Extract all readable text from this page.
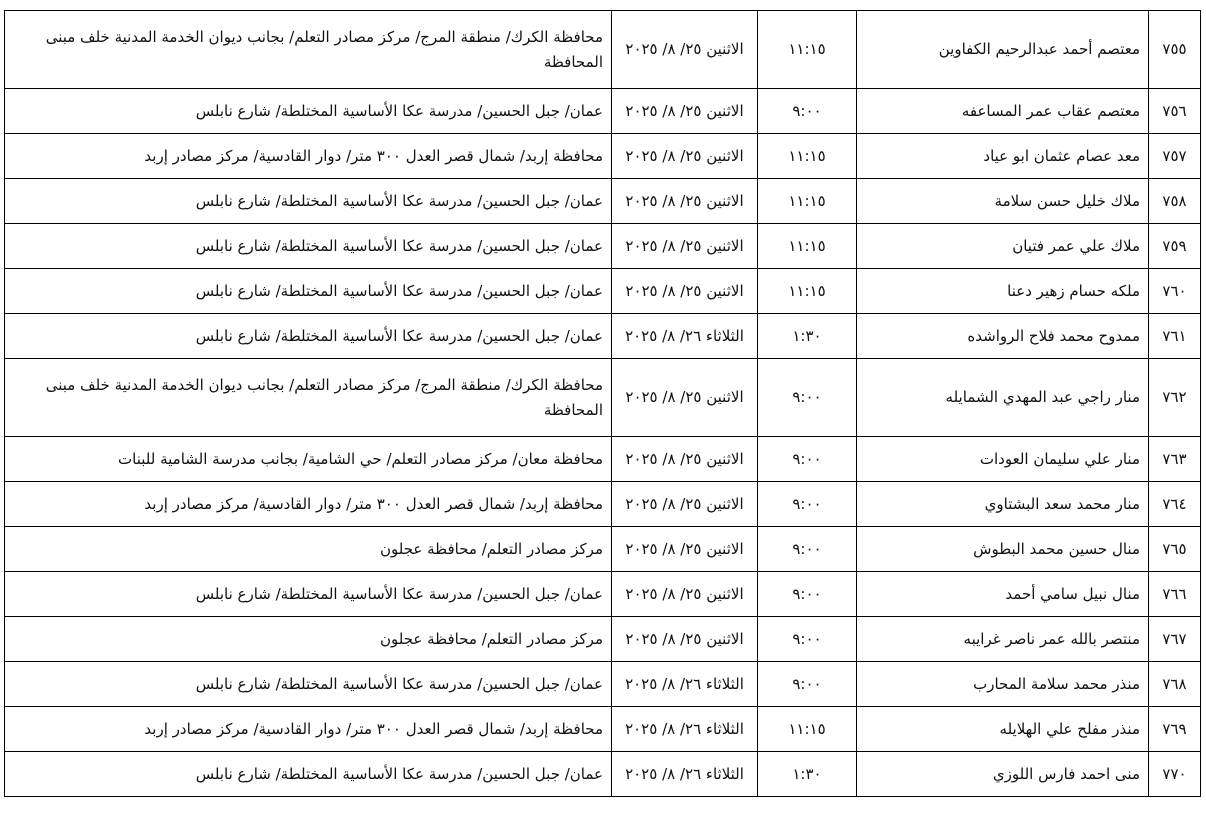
٧٥٥	معتصم أحمد عبدالرحيم الكفاوين	١١:١٥	الاثنين ٢٥/ ٨/ ٢٠٢٥	محافظة الكرك/ منطقة المرج/ مركز مصادر التعلم/ بجانب ديوان الخدمة المدنية خلف مبنى المحافظة
٧٥٦	معتصم عقاب عمر المساعفه	٩:٠٠	الاثنين ٢٥/ ٨/ ٢٠٢٥	عمان/ جبل الحسين/ مدرسة عكا الأساسية المختلطة/ شارع نابلس
٧٥٧	معد عصام عثمان ابو عياد	١١:١٥	الاثنين ٢٥/ ٨/ ٢٠٢٥	محافظة إربد/ شمال قصر العدل ٣٠٠ متر/ دوار القادسية/ مركز مصادر إربد
٧٥٨	ملاك خليل حسن سلامة	١١:١٥	الاثنين ٢٥/ ٨/ ٢٠٢٥	عمان/ جبل الحسين/ مدرسة عكا الأساسية المختلطة/ شارع نابلس
٧٥٩	ملاك علي عمر فتيان	١١:١٥	الاثنين ٢٥/ ٨/ ٢٠٢٥	عمان/ جبل الحسين/ مدرسة عكا الأساسية المختلطة/ شارع نابلس
٧٦٠	ملكه حسام زهير دعنا	١١:١٥	الاثنين ٢٥/ ٨/ ٢٠٢٥	عمان/ جبل الحسين/ مدرسة عكا الأساسية المختلطة/ شارع نابلس
٧٦١	ممدوح محمد فلاح الرواشده	١:٣٠	الثلاثاء ٢٦/ ٨/ ٢٠٢٥	عمان/ جبل الحسين/ مدرسة عكا الأساسية المختلطة/ شارع نابلس
٧٦٢	منار راجي عبد المهدي الشمايله	٩:٠٠	الاثنين ٢٥/ ٨/ ٢٠٢٥	محافظة الكرك/ منطقة المرج/ مركز مصادر التعلم/ بجانب ديوان الخدمة المدنية خلف مبنى المحافظة
٧٦٣	منار علي سليمان العودات	٩:٠٠	الاثنين ٢٥/ ٨/ ٢٠٢٥	محافظة معان/ مركز مصادر التعلم/ حي الشامية/ بجانب مدرسة الشامية للبنات
٧٦٤	منار محمد سعد البشتاوي	٩:٠٠	الاثنين ٢٥/ ٨/ ٢٠٢٥	محافظة إربد/ شمال قصر العدل ٣٠٠ متر/ دوار القادسية/ مركز مصادر إربد
٧٦٥	منال حسين محمد البطوش	٩:٠٠	الاثنين ٢٥/ ٨/ ٢٠٢٥	مركز مصادر التعلم/ محافظة عجلون
٧٦٦	منال نبيل سامي أحمد	٩:٠٠	الاثنين ٢٥/ ٨/ ٢٠٢٥	عمان/ جبل الحسين/ مدرسة عكا الأساسية المختلطة/ شارع نابلس
٧٦٧	منتصر بالله عمر ناصر غرايبه	٩:٠٠	الاثنين ٢٥/ ٨/ ٢٠٢٥	مركز مصادر التعلم/ محافظة عجلون
٧٦٨	منذر محمد سلامة المحارب	٩:٠٠	الثلاثاء ٢٦/ ٨/ ٢٠٢٥	عمان/ جبل الحسين/ مدرسة عكا الأساسية المختلطة/ شارع نابلس
٧٦٩	منذر مفلح علي الهلايله	١١:١٥	الثلاثاء ٢٦/ ٨/ ٢٠٢٥	محافظة إربد/ شمال قصر العدل ٣٠٠ متر/ دوار القادسية/ مركز مصادر إربد
٧٧٠	منى احمد فارس اللوزي	١:٣٠	الثلاثاء ٢٦/ ٨/ ٢٠٢٥	عمان/ جبل الحسين/ مدرسة عكا الأساسية المختلطة/ شارع نابلس
